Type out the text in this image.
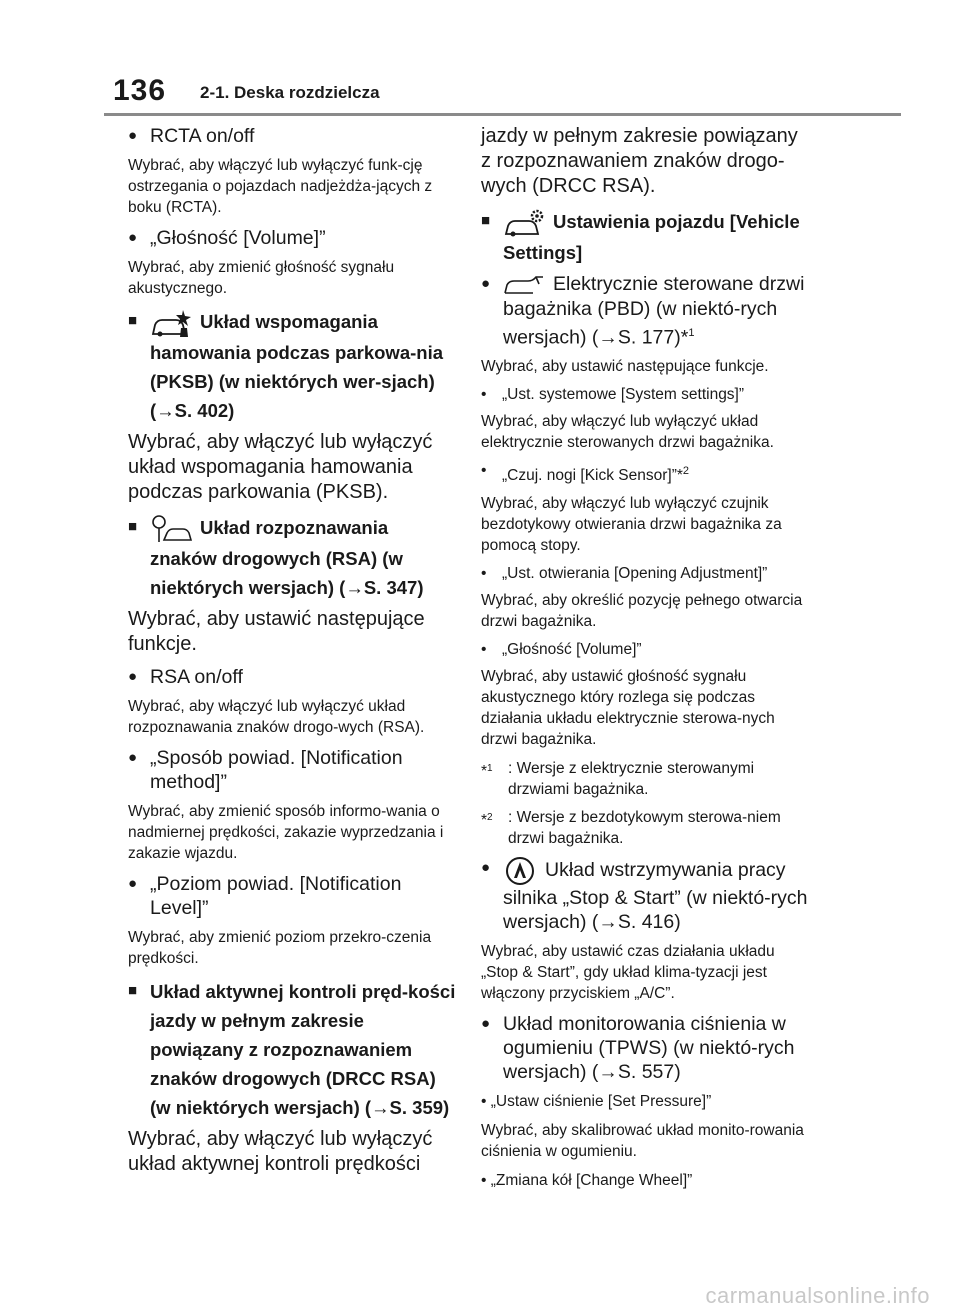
136 2-1. Deska rozdzielcza
● RCTA on/off
Wybrać, aby włączyć lub wyłączyć funk-cję ostrzegania o pojazdach nadjeżdża-jących z boku (RCTA).
● „Głośność [Volume]”
Wybrać, aby zmienić głośność sygnału akustycznego.
■	Układ wspomagania hamowania podczas parkowa-nia (PKSB) (w niektórych wer-sjach) (→S. 402)
Wybrać, aby włączyć lub wyłączyć układ wspomagania hamowania podczas parkowania (PKSB).
■	Układ rozpoznawania znaków drogowych (RSA) (w niektórych wersjach) (→S. 347)
Wybrać, aby ustawić następujące funkcje.
● RSA on/off
Wybrać, aby włączyć lub wyłączyć układ rozpoznawania znaków drogo-wych (RSA).
● „Sposób powiad. [Notification method]”
Wybrać, aby zmienić sposób informo-wania o nadmiernej prędkości, zakazie wyprzedzania i zakazie wjazdu.
● „Poziom powiad. [Notification Level]”
Wybrać, aby zmienić poziom przekro-czenia prędkości.
■ Układ aktywnej kontroli pręd-kości jazdy w pełnym zakresie powiązany z rozpoznawaniem znaków drogowych (DRCC RSA) (w niektórych wersjach) (→S. 359)
Wybrać, aby włączyć lub wyłączyć układ aktywnej kontroli prędkości
jazdy w pełnym zakresie powiązany z rozpoznawaniem znaków drogo-wych (DRCC RSA).
■	Ustawienia pojazdu [Vehicle Settings]
●	Elektrycznie sterowane drzwi bagażnika (PBD) (w niektó-rych wersjach) (→S. 177)*$^1$
Wybrać, aby ustawić następujące funkcje.
•	„Ust. systemowe [System settings]”
Wybrać, aby włączyć lub wyłączyć układ elektrycznie sterowanych drzwi bagażnika.
•	„Czuj. nogi [Kick Sensor]”*$^2$
Wybrać, aby włączyć lub wyłączyć czujnik bezdotykowy otwierania drzwi bagażnika za pomocą stopy.
•	„Ust. otwierania [Opening Adjustment]”
Wybrać, aby określić pozycję pełnego otwarcia drzwi bagażnika.
•	„Głośność [Volume]”
Wybrać, aby ustawić głośność sygnału akustycznego który rozlega się podczas działania układu elektrycznie sterowa-nych drzwi bagażnika.
*$^1$ : Wersje z elektrycznie sterowanymi drzwiami bagażnika.
*$^2$ : Wersje z bezdotykowym sterowa-niem drzwi bagażnika.
●	Układ wstrzymywania pracy silnika „Stop & Start” (w niektó-rych wersjach) (→S. 416)
Wybrać, aby ustawić czas działania układu „Stop & Start”, gdy układ klima-tyzacji jest włączony przyciskiem „A/C”.
● Układ monitorowania ciśnienia w ogumieniu (TPWS) (w niektó-rych wersjach) (→S. 557)
• „Ustaw ciśnienie [Set Pressure]”
Wybrać, aby skalibrować układ monito-rowania ciśnienia w ogumieniu.
• „Zmiana kół [Change Wheel]”
carmanualsonline.info
